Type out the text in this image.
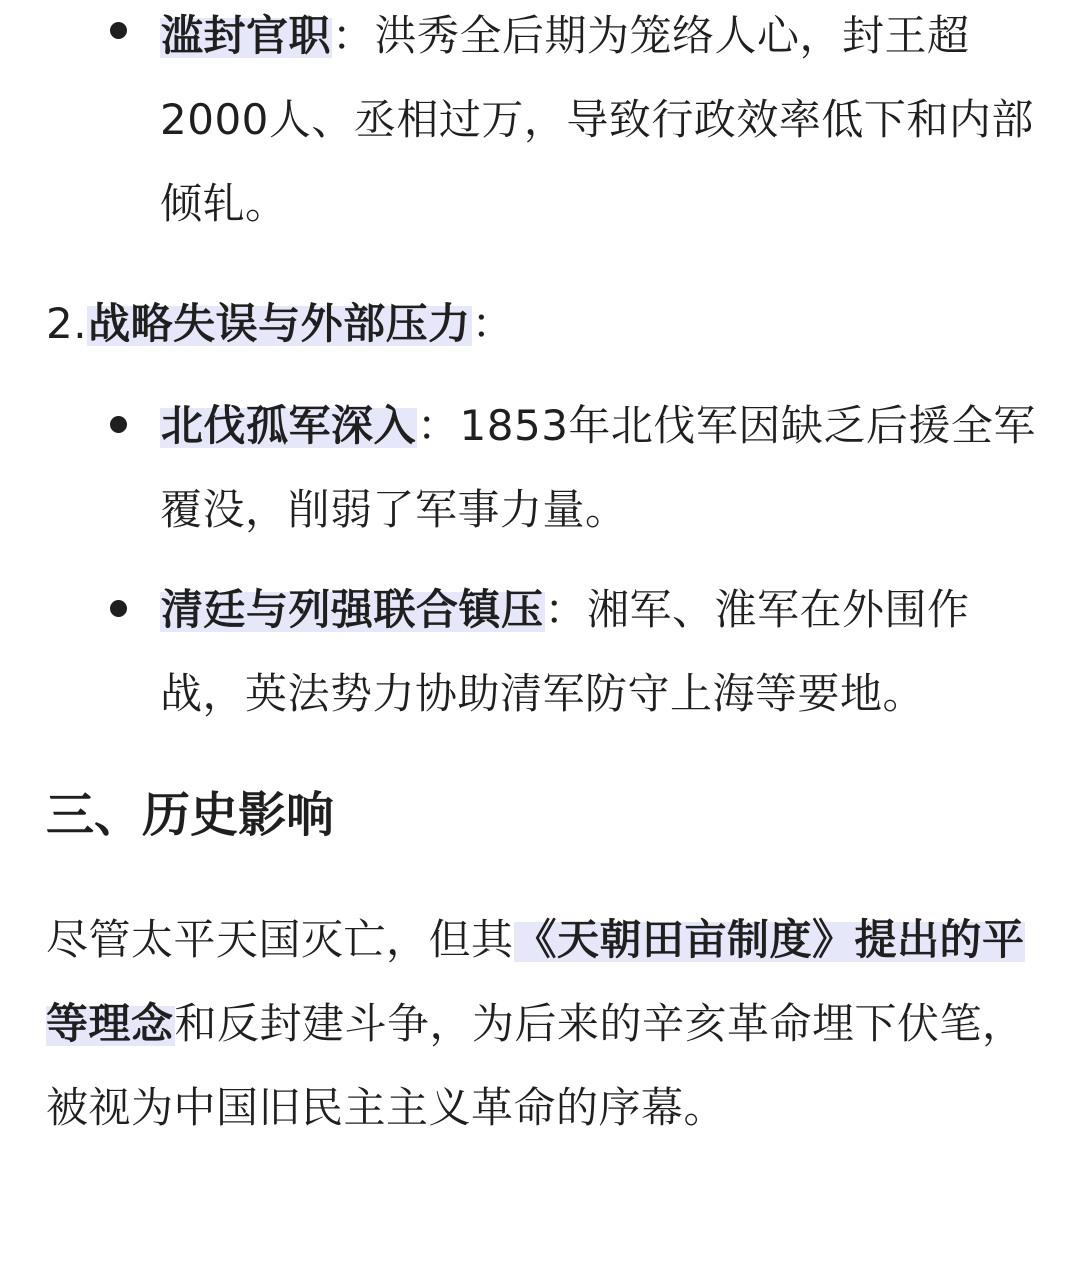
滥封官职：洪秀全后期为笼络人心，封王超2000人、丞相过万，导致行政效率低下和内部倾轧。

2.战略失误与外部压力：

北伐孤军深入：1853年北伐军因缺乏后援全军覆没，削弱了军事力量。

清廷与列强联合镇压：湘军、淮军在外围作战，英法势力协助清军防守上海等要地。

三、历史影响

尽管太平天国灭亡，但其《天朝田亩制度》提出的平等理念和反封建斗争，为后来的辛亥革命埋下伏笔，被视为中国旧民主主义革命的序幕。
